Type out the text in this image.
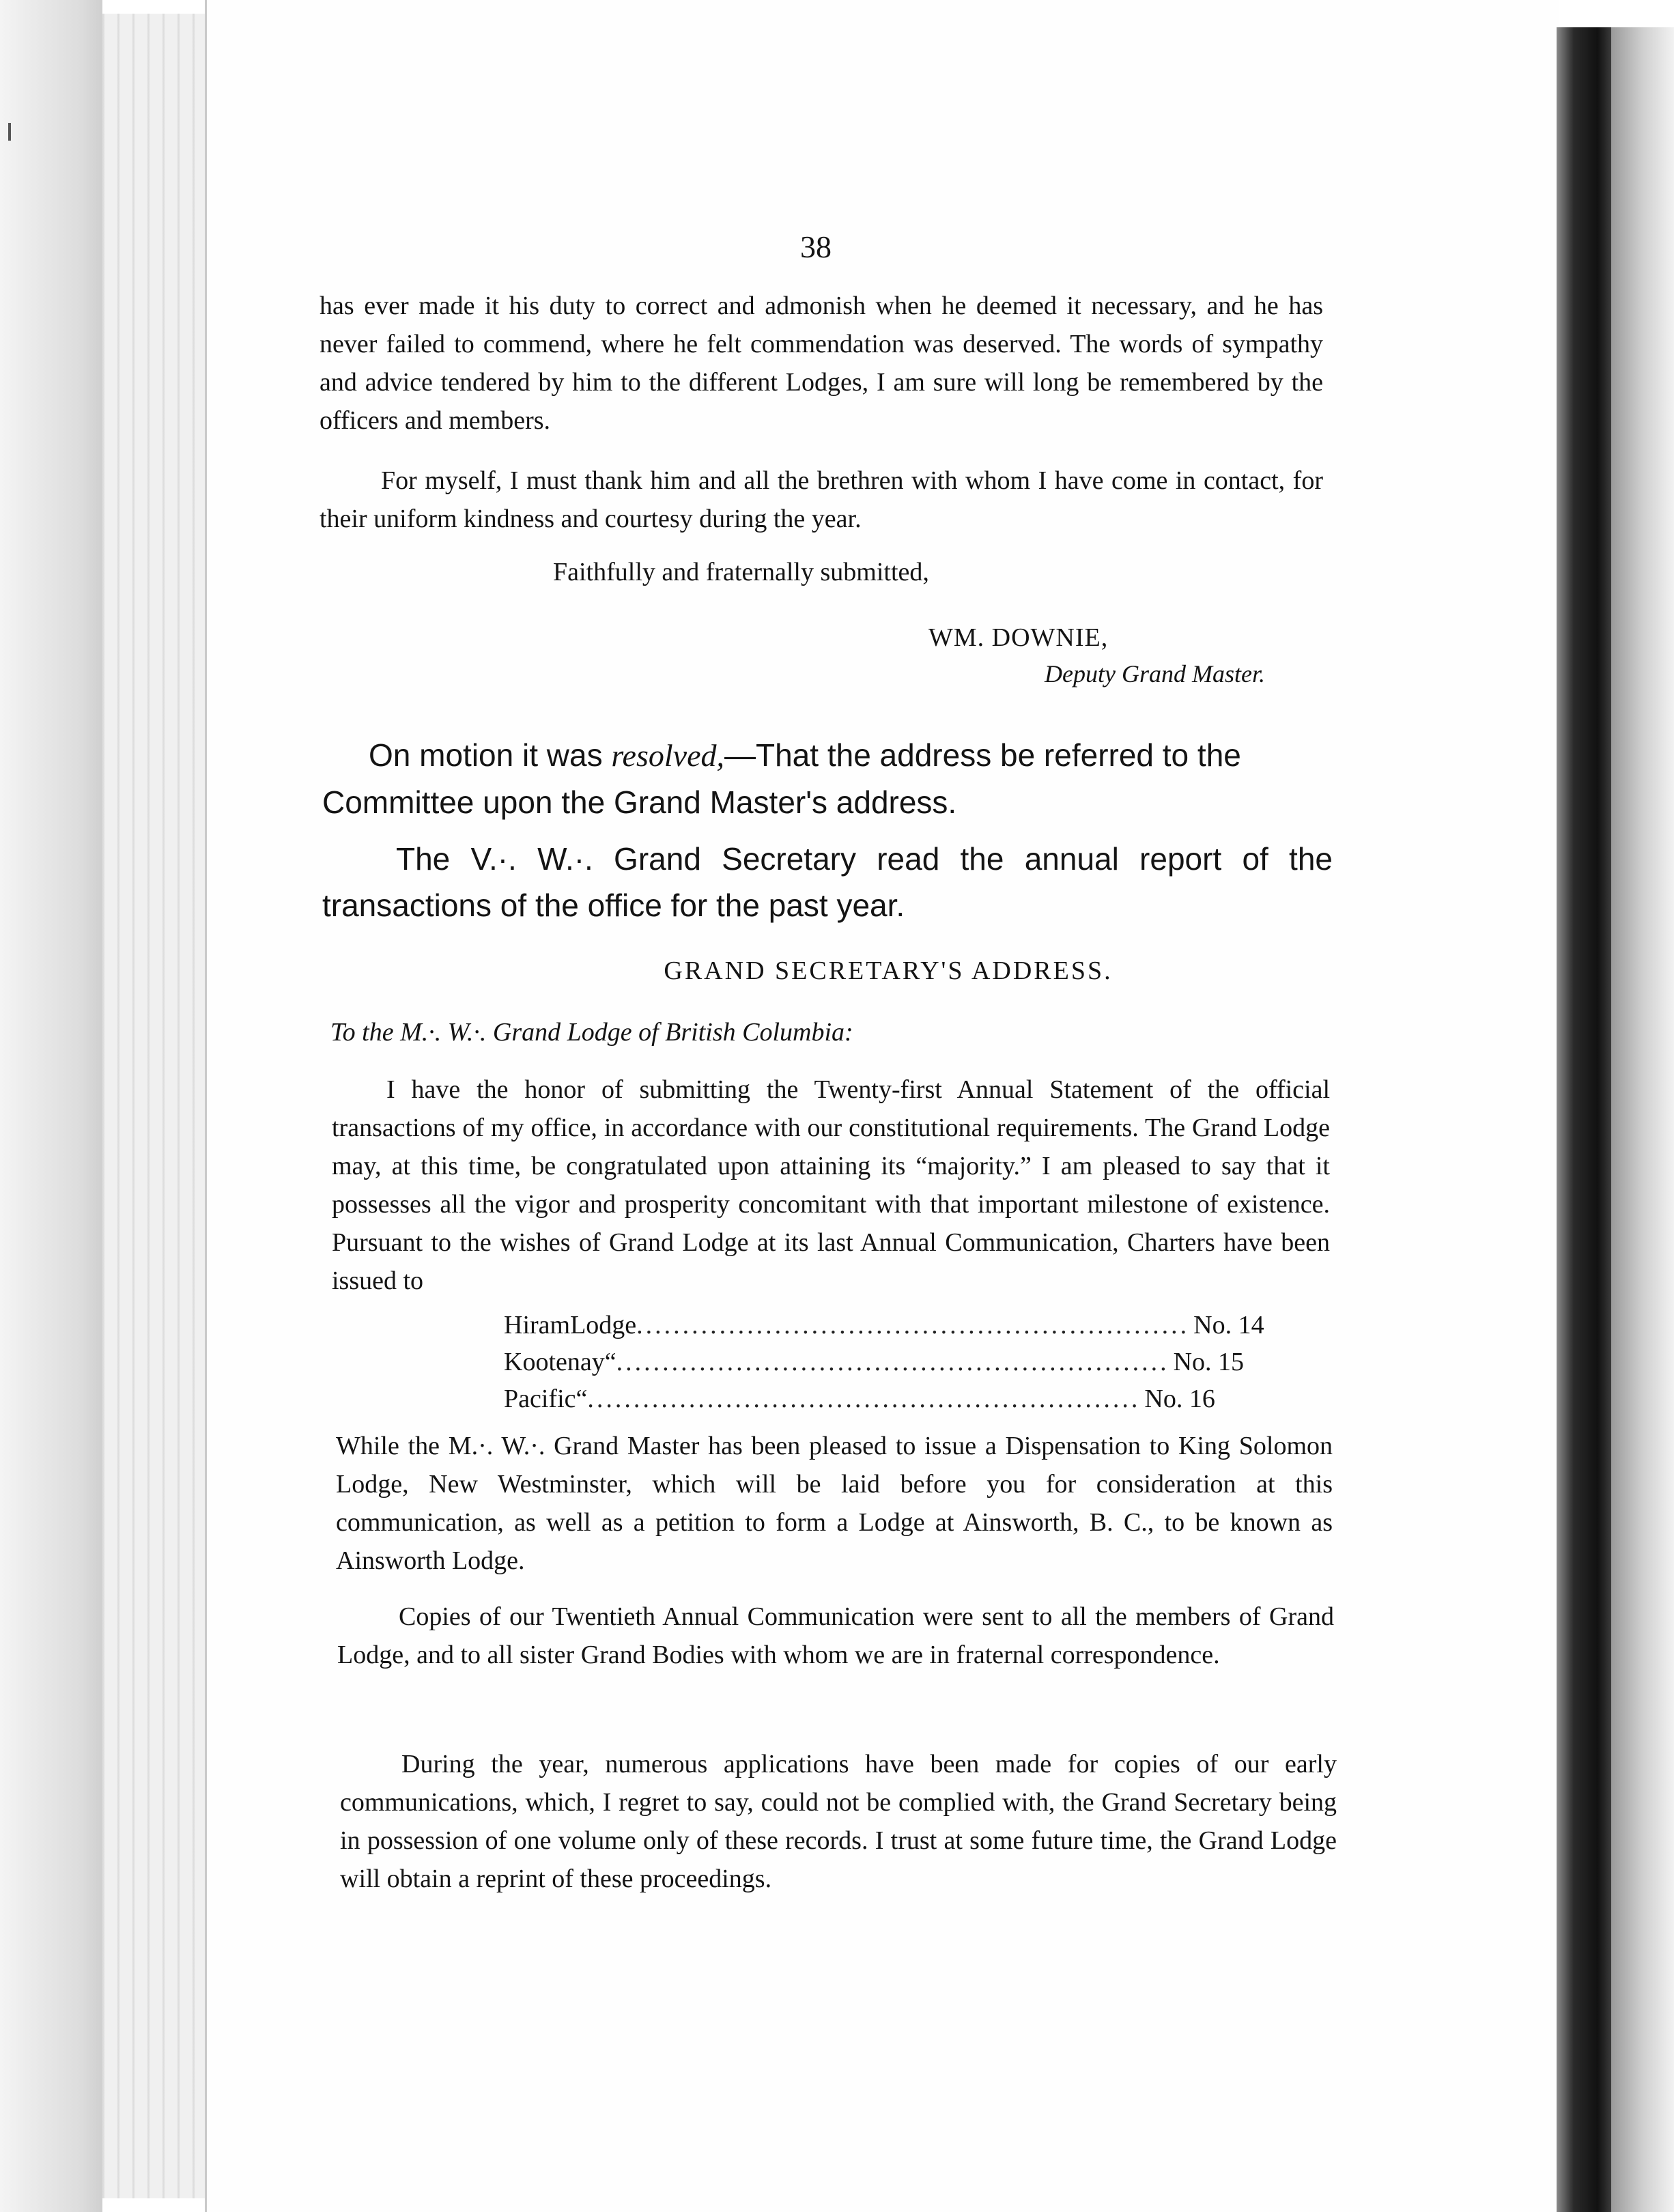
38

has ever made it his duty to correct and admonish when he deemed it necessary, and he has never failed to commend, where he felt commendation was deserved. The words of sympathy and advice tendered by him to the different Lodges, I am sure will long be remembered by the officers and members.

For myself, I must thank him and all the brethren with whom I have come in contact, for their uniform kindness and courtesy during the year.

Faithfully and fraternally submitted,
WM. DOWNIE,
Deputy Grand Master.

On motion it was resolved,—That the address be referred to the Committee upon the Grand Master's address.

The V.·. W.·. Grand Secretary read the annual report of the transactions of the office for the past year.

GRAND SECRETARY'S ADDRESS.
To the M.·. W.·. Grand Lodge of British Columbia:

I have the honor of submitting the Twenty-first Annual Statement of the official transactions of my office, in accordance with our constitutional requirements. The Grand Lodge may, at this time, be congratulated upon attaining its “majority.” I am pleased to say that it possesses all the vigor and prosperity concomitant with that important milestone of existence. Pursuant to the wishes of Grand Lodge at its last Annual Communication, Charters have been issued to

Hiram Lodge ............................................................ No. 14
Kootenay “ ............................................................ No. 15
Pacific “ ............................................................ No. 16

While the M.·. W.·. Grand Master has been pleased to issue a Dispensation to King Solomon Lodge, New Westminster, which will be laid before you for consideration at this communication, as well as a petition to form a Lodge at Ainsworth, B. C., to be known as Ainsworth Lodge.

Copies of our Twentieth Annual Communication were sent to all the members of Grand Lodge, and to all sister Grand Bodies with whom we are in fraternal correspondence.

During the year, numerous applications have been made for copies of our early communications, which, I regret to say, could not be complied with, the Grand Secretary being in possession of one volume only of these records. I trust at some future time, the Grand Lodge will obtain a reprint of these proceedings.
